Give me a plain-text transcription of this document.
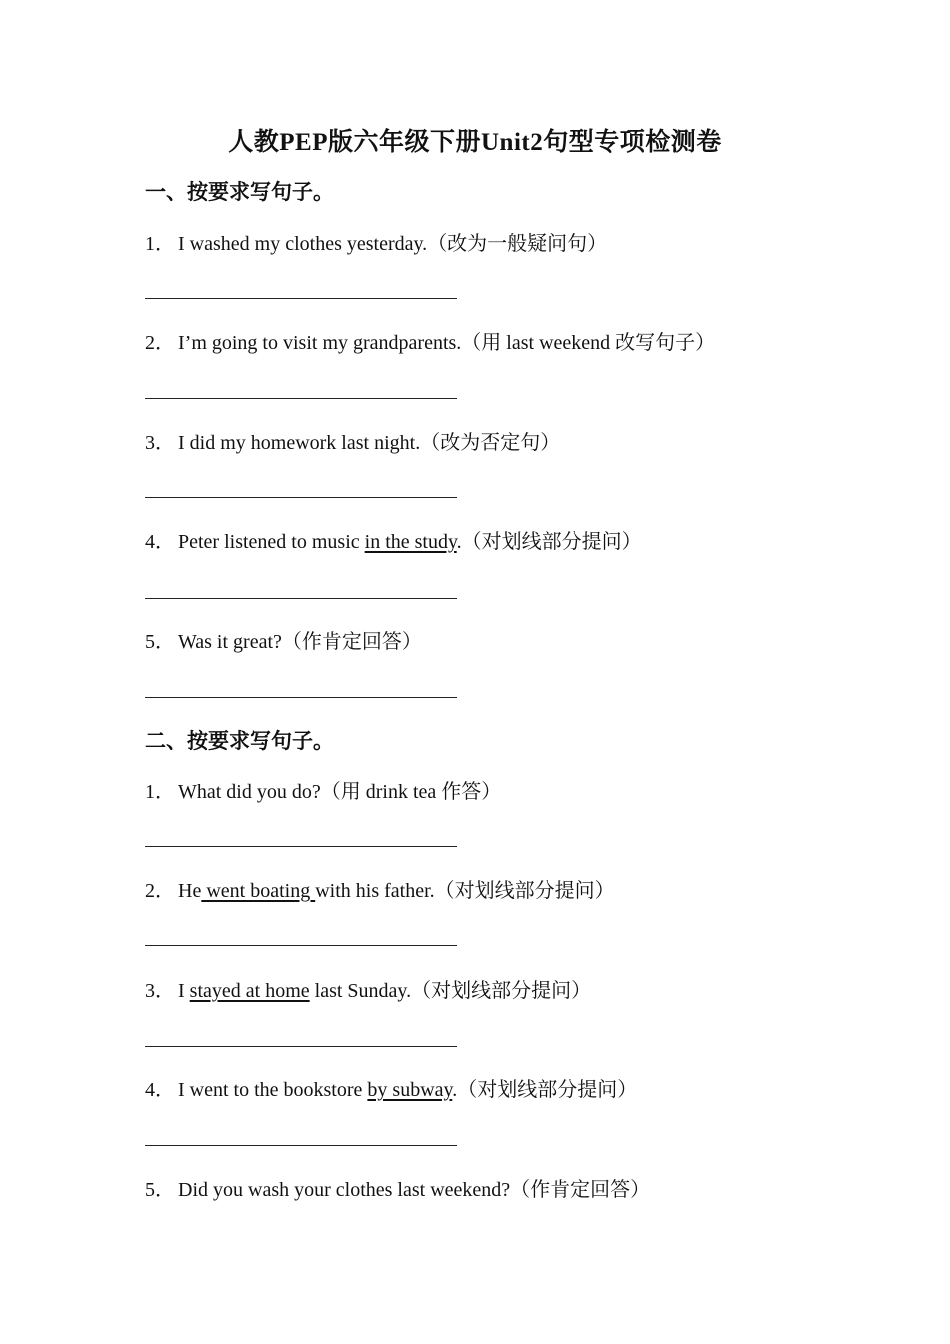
人教PEP版六年级下册Unit2句型专项检测卷
一、按要求写句子。
1． I washed my clothes yesterday.（改为一般疑问句）
2． I’m going to visit my grandparents.（用 last weekend 改写句子）
3． I did my homework last night.（改为否定句）
4． Peter listened to music in the study.（对划线部分提问）
5． Was it great?（作肯定回答）
二、按要求写句子。
1． What did you do?（用 drink tea 作答）
2． He went boating with his father.（对划线部分提问）
3． I stayed at home last Sunday.（对划线部分提问）
4． I went to the bookstore by subway.（对划线部分提问）
5． Did you wash your clothes last weekend?（作肯定回答）
